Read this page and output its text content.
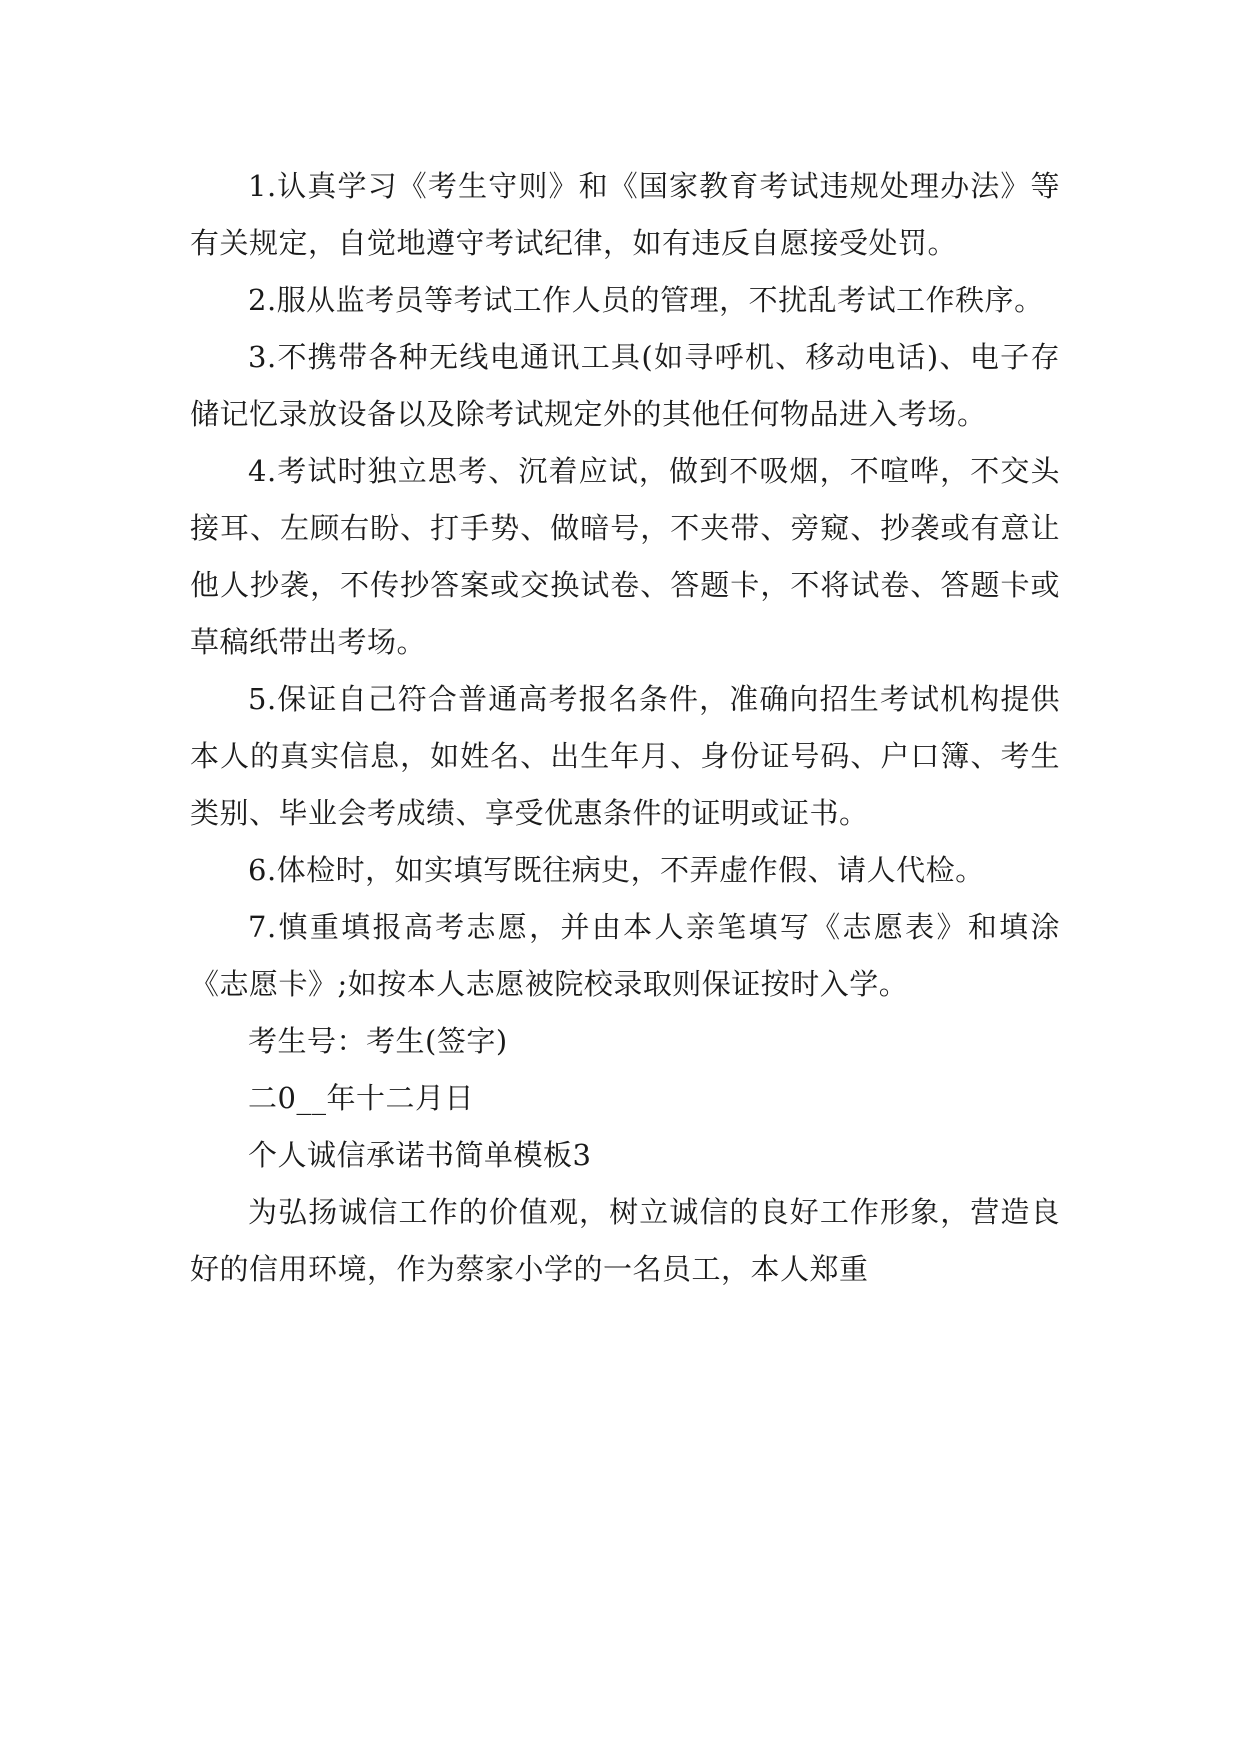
1.认真学习《考生守则》和《国家教育考试违规处理办法》等有关规定，自觉地遵守考试纪律，如有违反自愿接受处罚。

2.服从监考员等考试工作人员的管理，不扰乱考试工作秩序。

3.不携带各种无线电通讯工具(如寻呼机、移动电话)、电子存储记忆录放设备以及除考试规定外的其他任何物品进入考场。

4.考试时独立思考、沉着应试，做到不吸烟，不喧哗，不交头接耳、左顾右盼、打手势、做暗号，不夹带、旁窥、抄袭或有意让他人抄袭，不传抄答案或交换试卷、答题卡，不将试卷、答题卡或草稿纸带出考场。

5.保证自己符合普通高考报名条件，准确向招生考试机构提供本人的真实信息，如姓名、出生年月、身份证号码、户口簿、考生类别、毕业会考成绩、享受优惠条件的证明或证书。

6.体检时，如实填写既往病史，不弄虚作假、请人代检。

7.慎重填报高考志愿，并由本人亲笔填写《志愿表》和填涂《志愿卡》;如按本人志愿被院校录取则保证按时入学。

考生号：考生(签字)

二0__年十二月日

个人诚信承诺书简单模板3

为弘扬诚信工作的价值观，树立诚信的良好工作形象，营造良好的信用环境，作为蔡家小学的一名员工，本人郑重
